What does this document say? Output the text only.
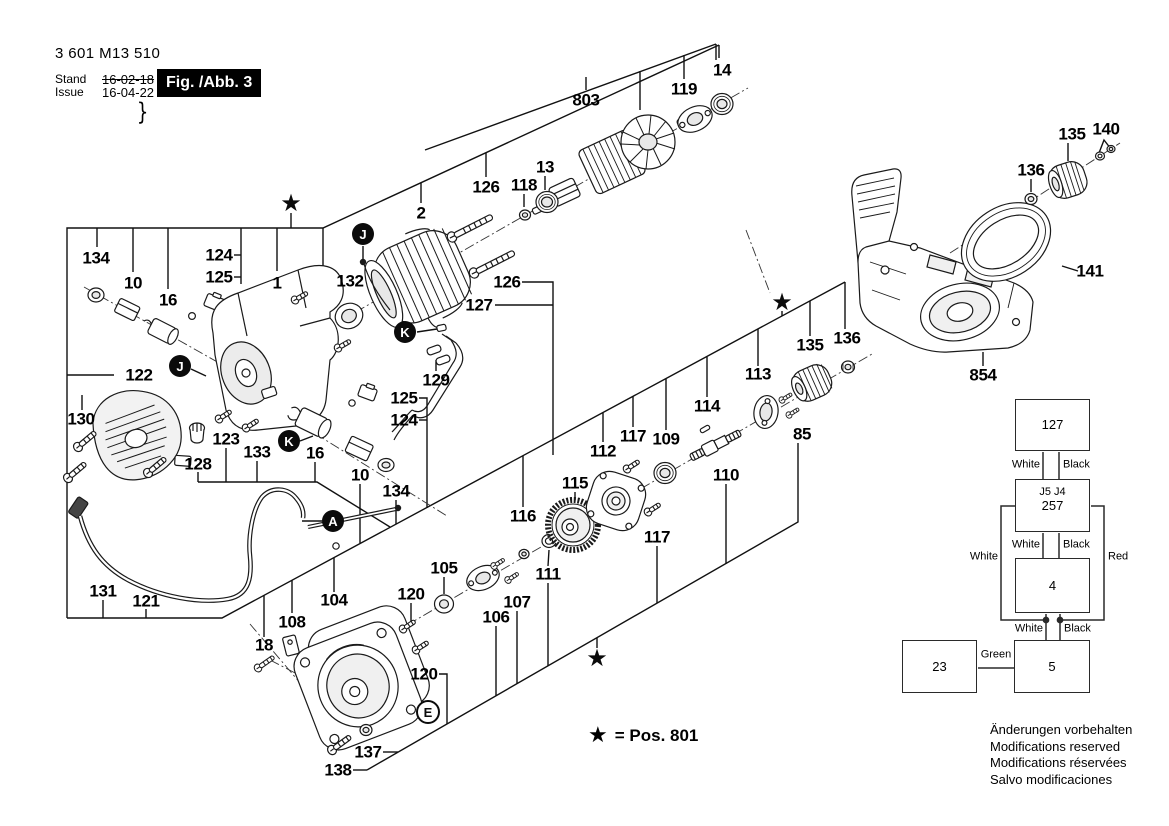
134
10
16
124
125 1
2
132
126 118
13
803
119
14
122
130
123
128
133 16
10
134
125
124
131
121
129
127
126
112
117 109
114
113
110
85
135 136
115
116
111
117
105
120	107
106
104
108
18
120
137
138
135 140
136
141
854
J
J
K
K
A
E
★
★
★
127
J5 J4
257
4
5
23
White Black
White Black
White Black
White	Red
Green
3 601 M13 510
Stand 16-02-18
Issue 16-04-22
}
Fig. /Abb. 3
★ = Pos. 801	Änderungen vorbehalten
Modifications reserved
Modifications réservées
Salvo modificaciones
